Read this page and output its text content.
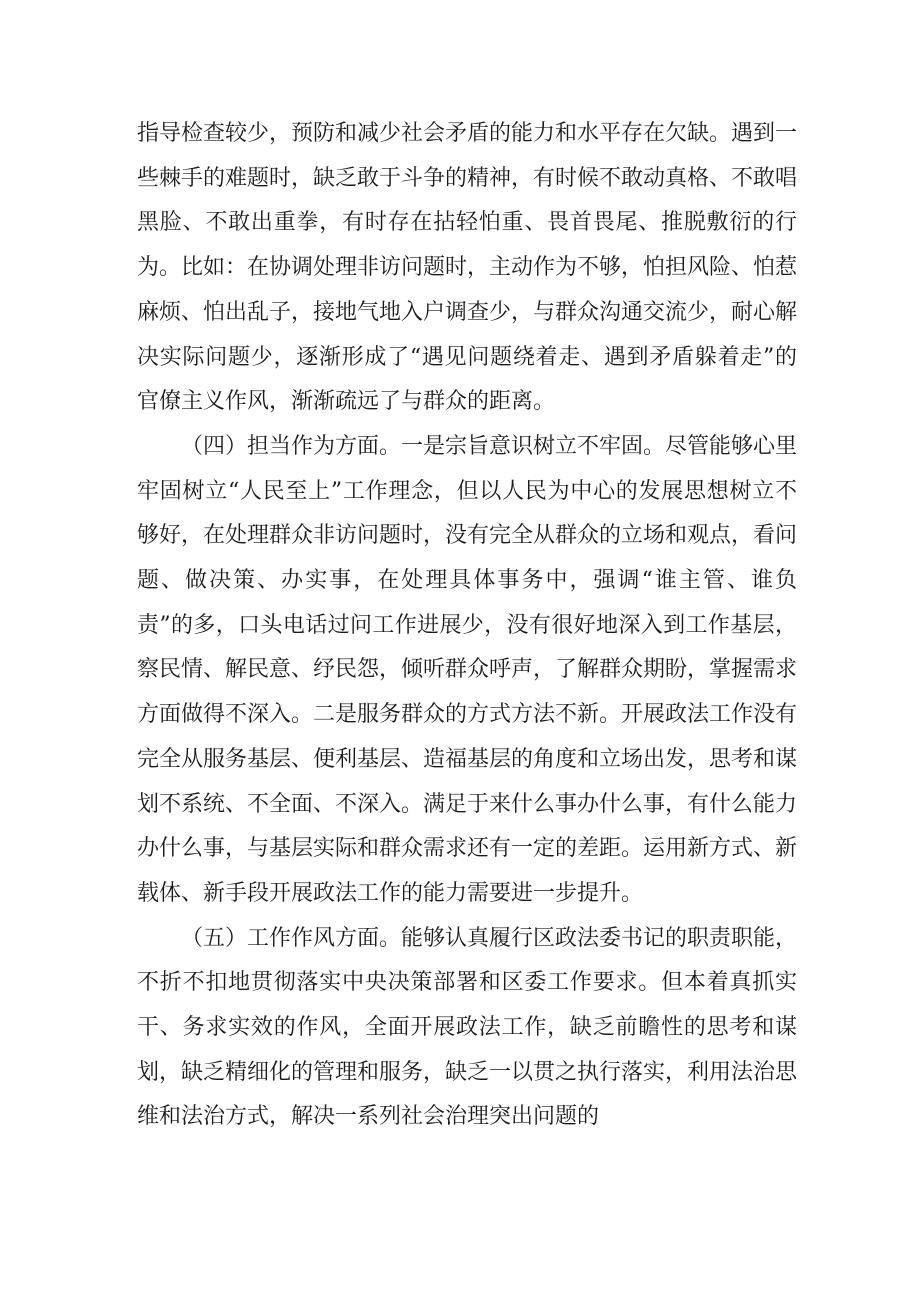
指导检查较少，预防和减少社会矛盾的能力和水平存在欠缺。遇到一些棘手的难题时，缺乏敢于斗争的精神，有时候不敢动真格、不敢唱黑脸、不敢出重拳，有时存在拈轻怕重、畏首畏尾、推脱敷衍的行为。比如：在协调处理非访问题时，主动作为不够，怕担风险、怕惹麻烦、怕出乱子，接地气地入户调查少，与群众沟通交流少，耐心解决实际问题少，逐渐形成了“遇见问题绕着走、遇到矛盾躲着走”的官僚主义作风，渐渐疏远了与群众的距离。

（四）担当作为方面。一是宗旨意识树立不牢固。尽管能够心里牢固树立“人民至上”工作理念，但以人民为中心的发展思想树立不够好，在处理群众非访问题时，没有完全从群众的立场和观点，看问题、做决策、办实事，在处理具体事务中，强调“谁主管、谁负责”的多，口头电话过问工作进展少，没有很好地深入到工作基层，察民情、解民意、纾民怨，倾听群众呼声，了解群众期盼，掌握需求方面做得不深入。二是服务群众的方式方法不新。开展政法工作没有完全从服务基层、便利基层、造福基层的角度和立场出发，思考和谋划不系统、不全面、不深入。满足于来什么事办什么事，有什么能力办什么事，与基层实际和群众需求还有一定的差距。运用新方式、新载体、新手段开展政法工作的能力需要进一步提升。

（五）工作作风方面。能够认真履行区政法委书记的职责职能，不折不扣地贯彻落实中央决策部署和区委工作要求。但本着真抓实干、务求实效的作风，全面开展政法工作，缺乏前瞻性的思考和谋划，缺乏精细化的管理和服务，缺乏一以贯之执行落实，利用法治思维和法治方式，解决一系列社会治理突出问题的
